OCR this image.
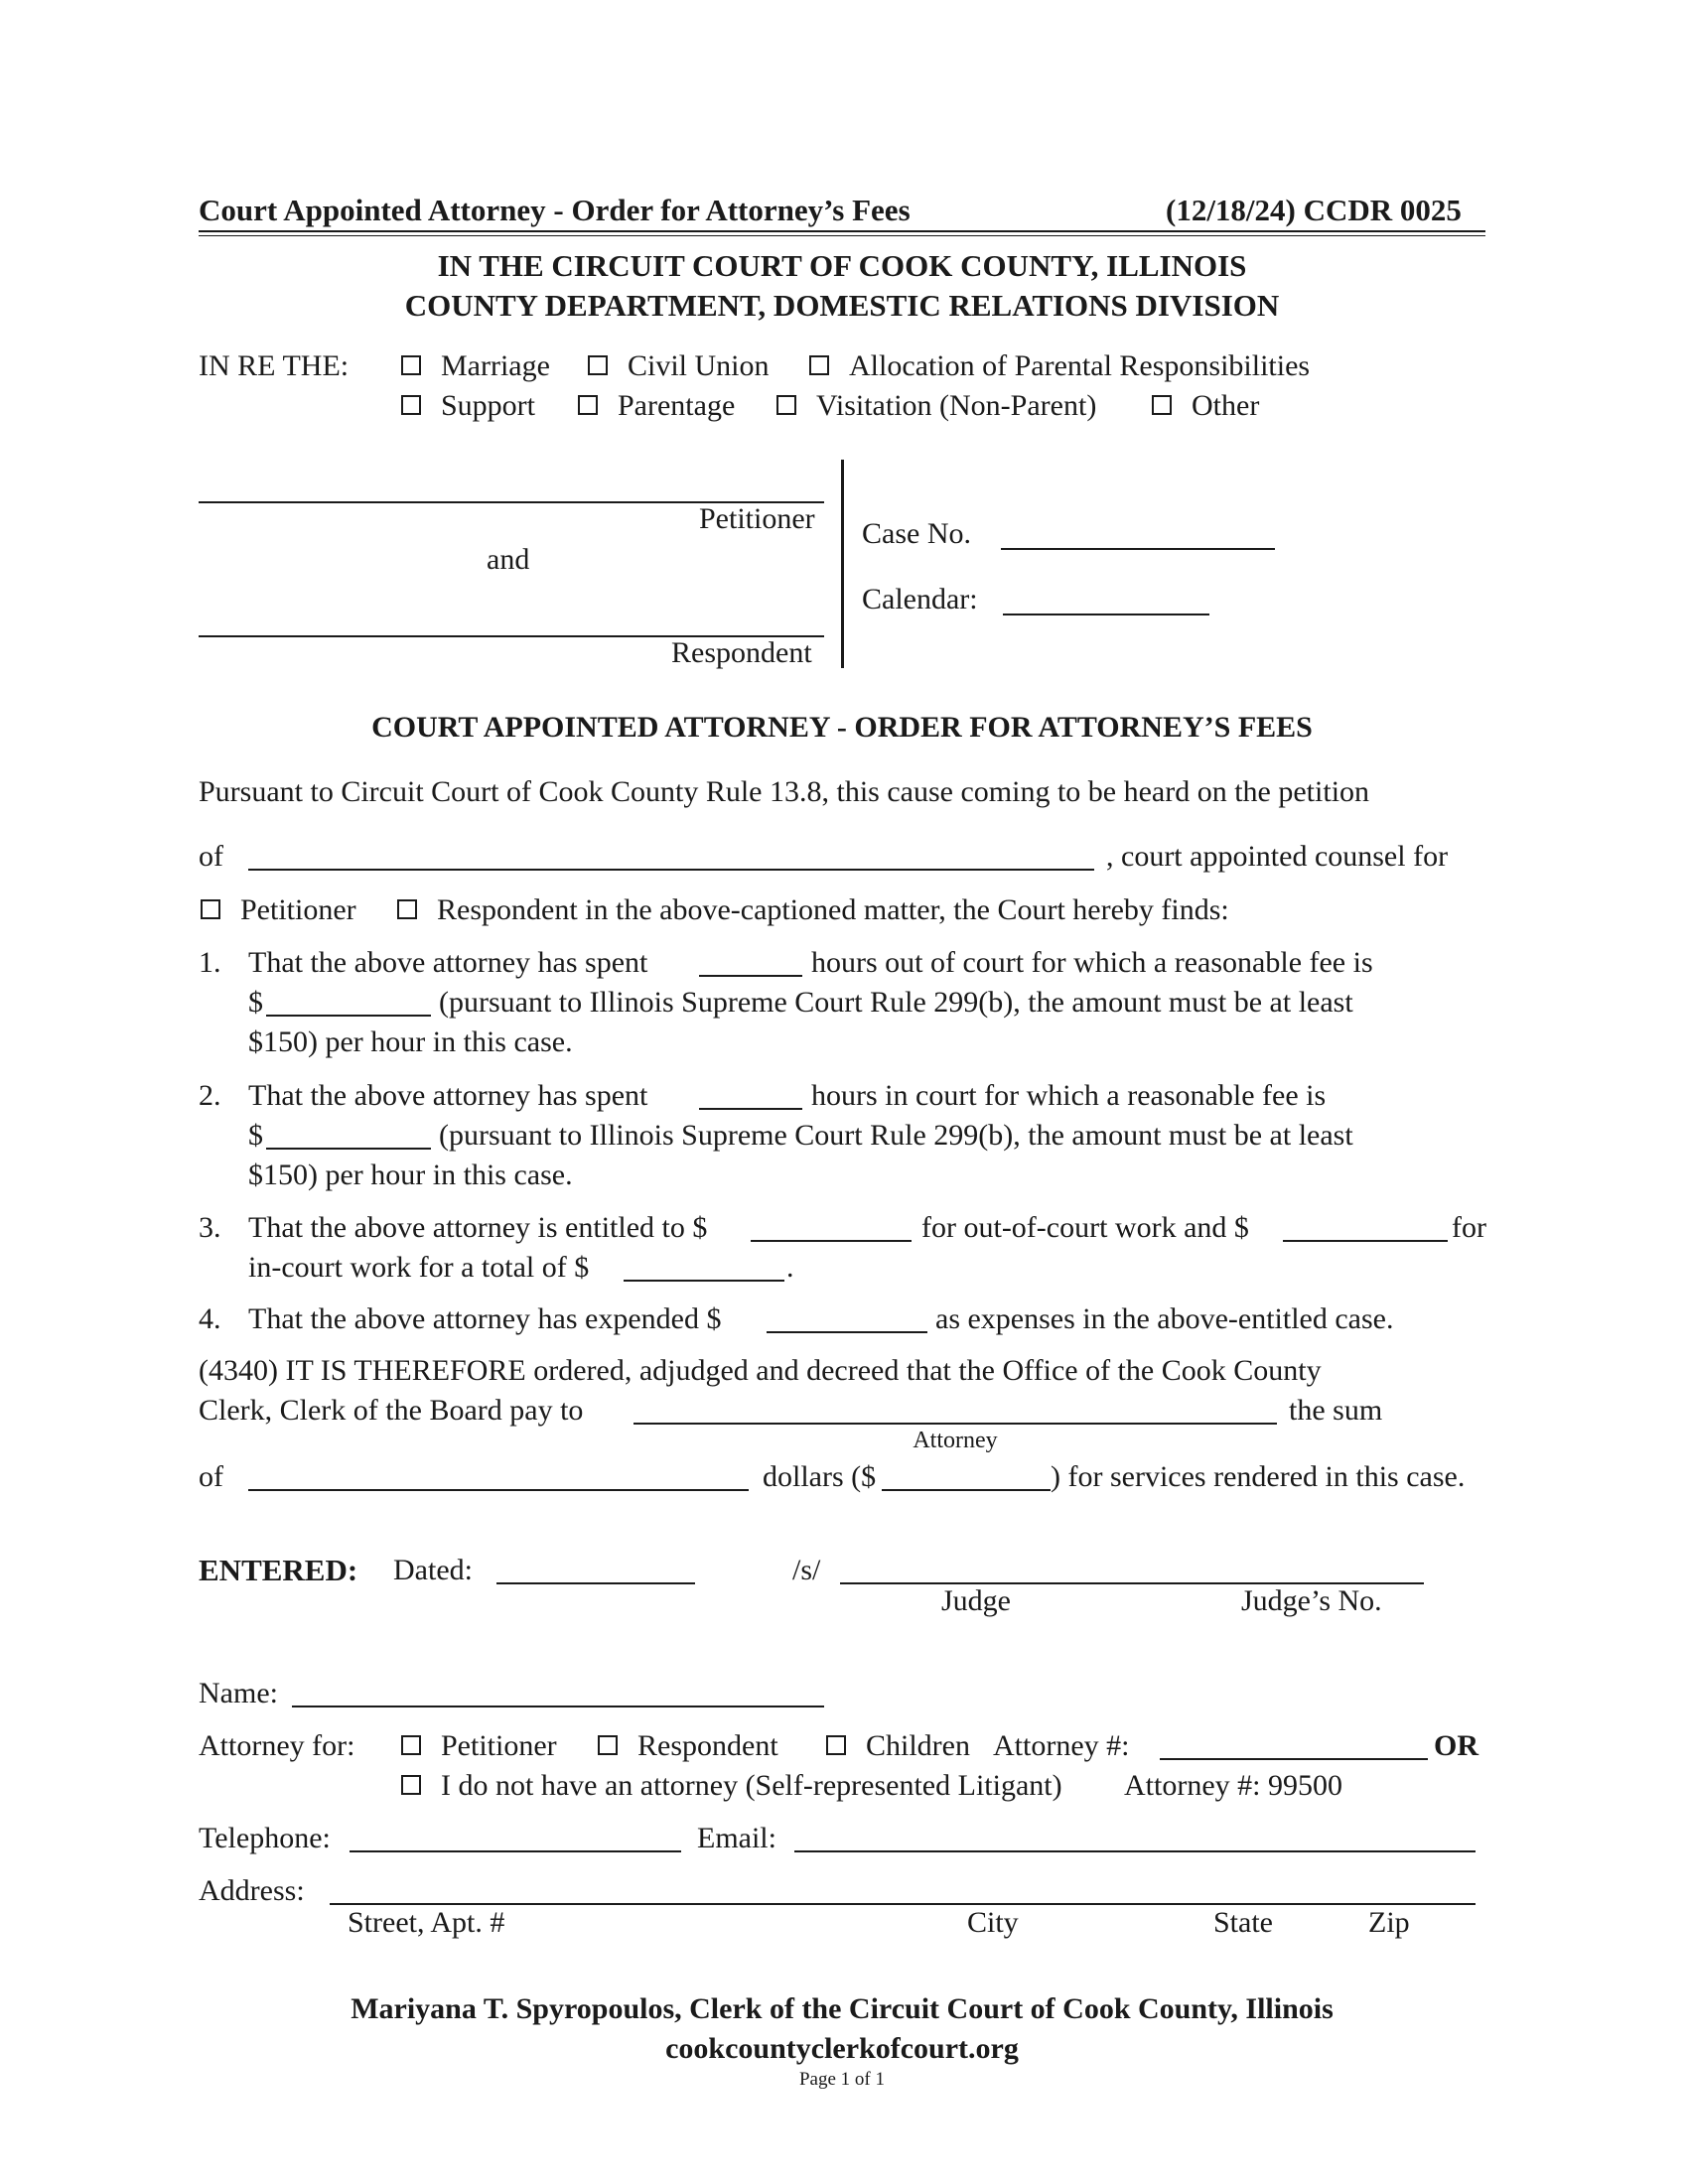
Court Appointed Attorney - Order for Attorney’s Fees	(12/18/24) CCDR 0025
IN THE CIRCUIT COURT OF COOK COUNTY, ILLINOIS
COUNTY DEPARTMENT, DOMESTIC RELATIONS DIVISION
IN RE THE:	Marriage	Civil Union	Allocation of Parental Responsibilities
Support	Parentage	Visitation (Non-Parent)	Other
Petitioner
and
Respondent
Case No.
Calendar:
COURT APPOINTED ATTORNEY - ORDER FOR ATTORNEY’S FEES
Pursuant to Circuit Court of Cook County Rule 13.8, this cause coming to be heard on the petition
of	, court appointed counsel for
Petitioner	Respondent in the above-captioned matter, the Court hereby finds:
1. That the above attorney has spent	hours out of court for which a reasonable fee is
$	(pursuant to Illinois Supreme Court Rule 299(b), the amount must be at least
$150) per hour in this case.
2. That the above attorney has spent	hours in court for which a reasonable fee is
$	(pursuant to Illinois Supreme Court Rule 299(b), the amount must be at least
$150) per hour in this case.
3. That the above attorney is entitled to $	for out-of-court work and $	for
in-court work for a total of $	.
4. That the above attorney has expended $	as expenses in the above-entitled case.
(4340) IT IS THEREFORE ordered, adjudged and decreed that the Office of the Cook County
Clerk, Clerk of the Board pay to	the sum
Attorney
of	dollars ($	) for services rendered in this case.
ENTERED: Dated:	/s/
Judge	Judge’s No.
Name:
Attorney for:	Petitioner	Respondent	Children Attorney #:	OR
I do not have an attorney (Self-represented Litigant) Attorney #: 99500
Telephone:	Email:
Address:
Street, Apt. #	City	State	Zip
Mariyana T. Spyropoulos, Clerk of the Circuit Court of Cook County, Illinois
cookcountyclerkofcourt.org
Page 1 of 1
